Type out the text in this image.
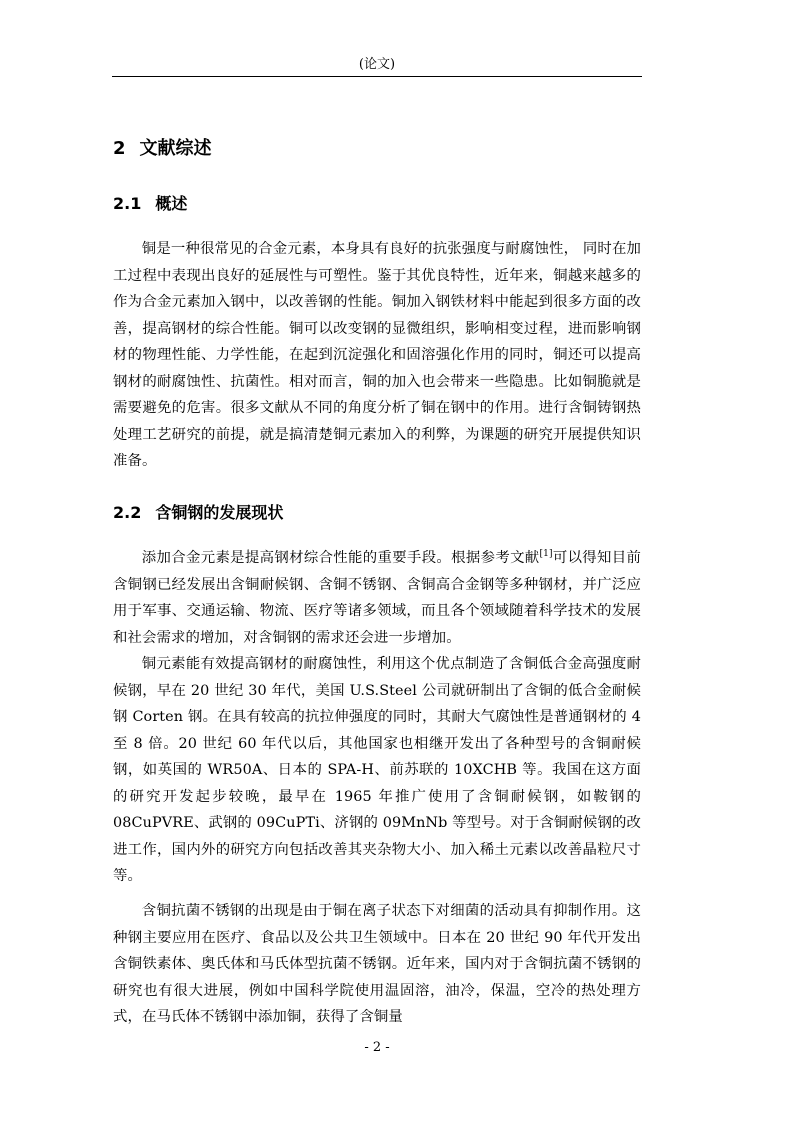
(论文)
2 文献综述
2.1 概述

铜是一种很常见的合金元素，本身具有良好的抗张强度与耐腐蚀性， 同时在加工过程中表现出良好的延展性与可塑性。鉴于其优良特性，近年来，铜越来越多的作为合金元素加入钢中，以改善钢的性能。铜加入钢铁材料中能起到很多方面的改善，提高钢材的综合性能。铜可以改变钢的显微组织，影响相变过程，进而影响钢材的物理性能、力学性能，在起到沉淀强化和固溶强化作用的同时，铜还可以提高钢材的耐腐蚀性、抗菌性。相对而言，铜的加入也会带来一些隐患。比如铜脆就是需要避免的危害。很多文献从不同的角度分析了铜在钢中的作用。进行含铜铸钢热处理工艺研究的前提，就是搞清楚铜元素加入的利弊，为课题的研究开展提供知识准备。

2.2 含铜钢的发展现状

添加合金元素是提高钢材综合性能的重要手段。根据参考文献[1]可以得知目前含铜钢已经发展出含铜耐候钢、含铜不锈钢、含铜高合金钢等多种钢材，并广泛应用于军事、交通运输、物流、医疗等诸多领域，而且各个领域随着科学技术的发展和社会需求的增加，对含铜钢的需求还会进一步增加。

铜元素能有效提高钢材的耐腐蚀性，利用这个优点制造了含铜低合金高强度耐候钢，早在 20 世纪 30 年代，美国 U.S.Steel 公司就研制出了含铜的低合金耐候钢 Corten 钢。在具有较高的抗拉伸强度的同时，其耐大气腐蚀性是普通钢材的 4 至 8 倍。20 世纪 60 年代以后，其他国家也相继开发出了各种型号的含铜耐候钢，如英国的 WR50A、日本的 SPA-H、前苏联的 10XCHB 等。我国在这方面的研究开发起步较晚，最早在 1965 年推广使用了含铜耐候钢，如鞍钢的 08CuPVRE、武钢的 09CuPTi、济钢的 09MnNb 等型号。对于含铜耐候钢的改进工作，国内外的研究方向包括改善其夹杂物大小、加入稀土元素以改善晶粒尺寸等。

含铜抗菌不锈钢的出现是由于铜在离子状态下对细菌的活动具有抑制作用。这种钢主要应用在医疗、食品以及公共卫生领域中。日本在 20 世纪 90 年代开发出含铜铁素体、奥氏体和马氏体型抗菌不锈钢。近年来，国内对于含铜抗菌不锈钢的研究也有很大进展，例如中国科学院使用温固溶，油冷，保温，空冷的热处理方式，在马氏体不锈钢中添加铜，获得了含铜量

- 2 -
